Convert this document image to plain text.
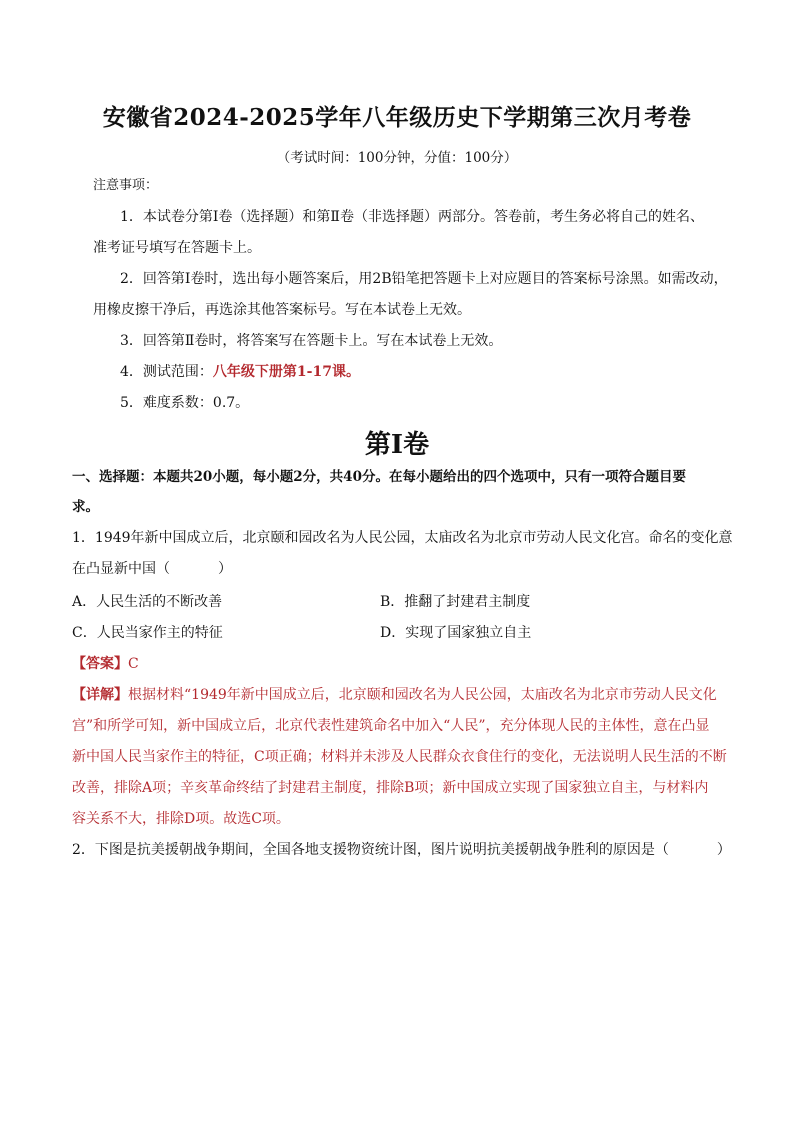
安徽省2024-2025学年八年级历史下学期第三次月考卷
（考试时间：100分钟，分值：100分）
注意事项：
1．本试卷分第Ⅰ卷（选择题）和第Ⅱ卷（非选择题）两部分。答卷前，考生务必将自己的姓名、
准考证号填写在答题卡上。
2．回答第Ⅰ卷时，选出每小题答案后，用2B铅笔把答题卡上对应题目的答案标号涂黑。如需改动，
用橡皮擦干净后，再选涂其他答案标号。写在本试卷上无效。
3．回答第Ⅱ卷时，将答案写在答题卡上。写在本试卷上无效。
4．测试范围：八年级下册第1-17课。
5．难度系数：0.7。
第Ⅰ卷
一、选择题：本题共20小题，每小题2分，共40分。在每小题给出的四个选项中，只有一项符合题目要
求。
1．1949年新中国成立后，北京颐和园改名为人民公园，太庙改名为北京市劳动人民文化宫。命名的变化意
在凸显新中国（	）
A．人民生活的不断改善	B．推翻了封建君主制度
C．人民当家作主的特征	D．实现了国家独立自主
【答案】C
【详解】根据材料“1949年新中国成立后，北京颐和园改名为人民公园，太庙改名为北京市劳动人民文化
宫”和所学可知，新中国成立后，北京代表性建筑命名中加入“人民”，充分体现人民的主体性，意在凸显
新中国人民当家作主的特征，C项正确；材料并未涉及人民群众衣食住行的变化，无法说明人民生活的不断
改善，排除A项；辛亥革命终结了封建君主制度，排除B项；新中国成立实现了国家独立自主，与材料内
容关系不大，排除D项。故选C项。
2．下图是抗美援朝战争期间，全国各地支援物资统计图，图片说明抗美援朝战争胜利的原因是（	）
